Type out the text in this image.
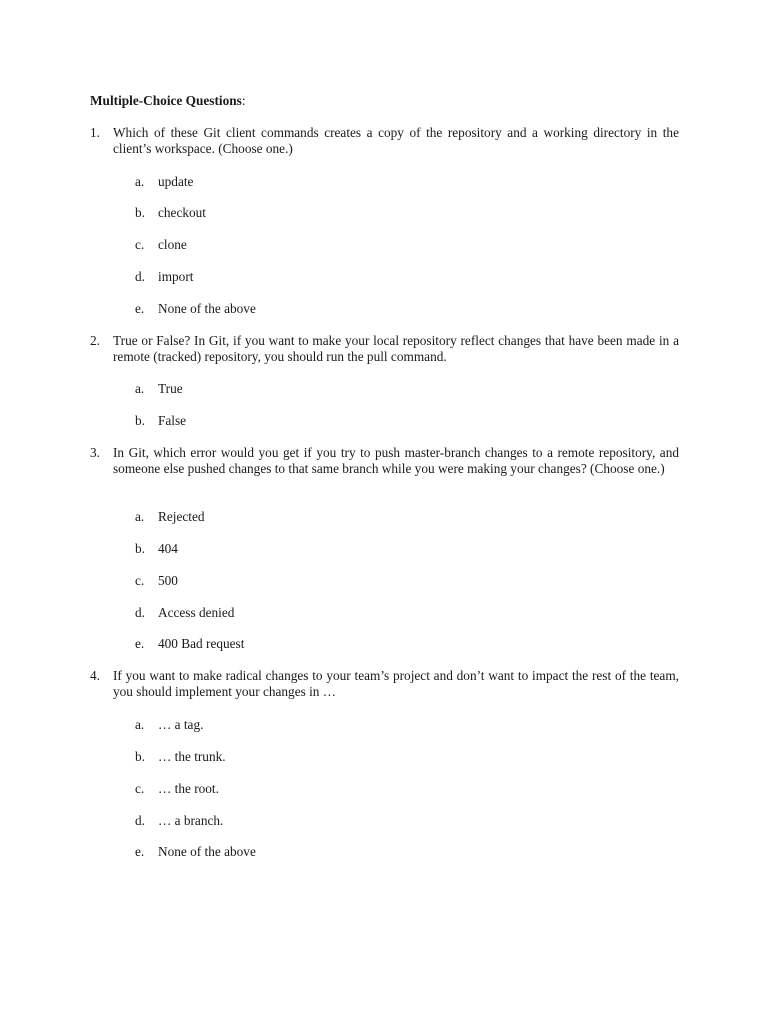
Multiple-Choice Questions:
1. Which of these Git client commands creates a copy of the repository and a working directory in the client’s workspace. (Choose one.)
a. update
b. checkout
c. clone
d. import
e. None of the above
2. True or False? In Git, if you want to make your local repository reflect changes that have been made in a remote (tracked) repository, you should run the pull command.
a. True
b. False
3. In Git, which error would you get if you try to push master-branch changes to a remote repository, and someone else pushed changes to that same branch while you were making your changes? (Choose one.)
a. Rejected
b. 404
c. 500
d. Access denied
e. 400 Bad request
4. If you want to make radical changes to your team’s project and don’t want to impact the rest of the team, you should implement your changes in …
a. … a tag.
b. … the trunk.
c. … the root.
d. … a branch.
e. None of the above
